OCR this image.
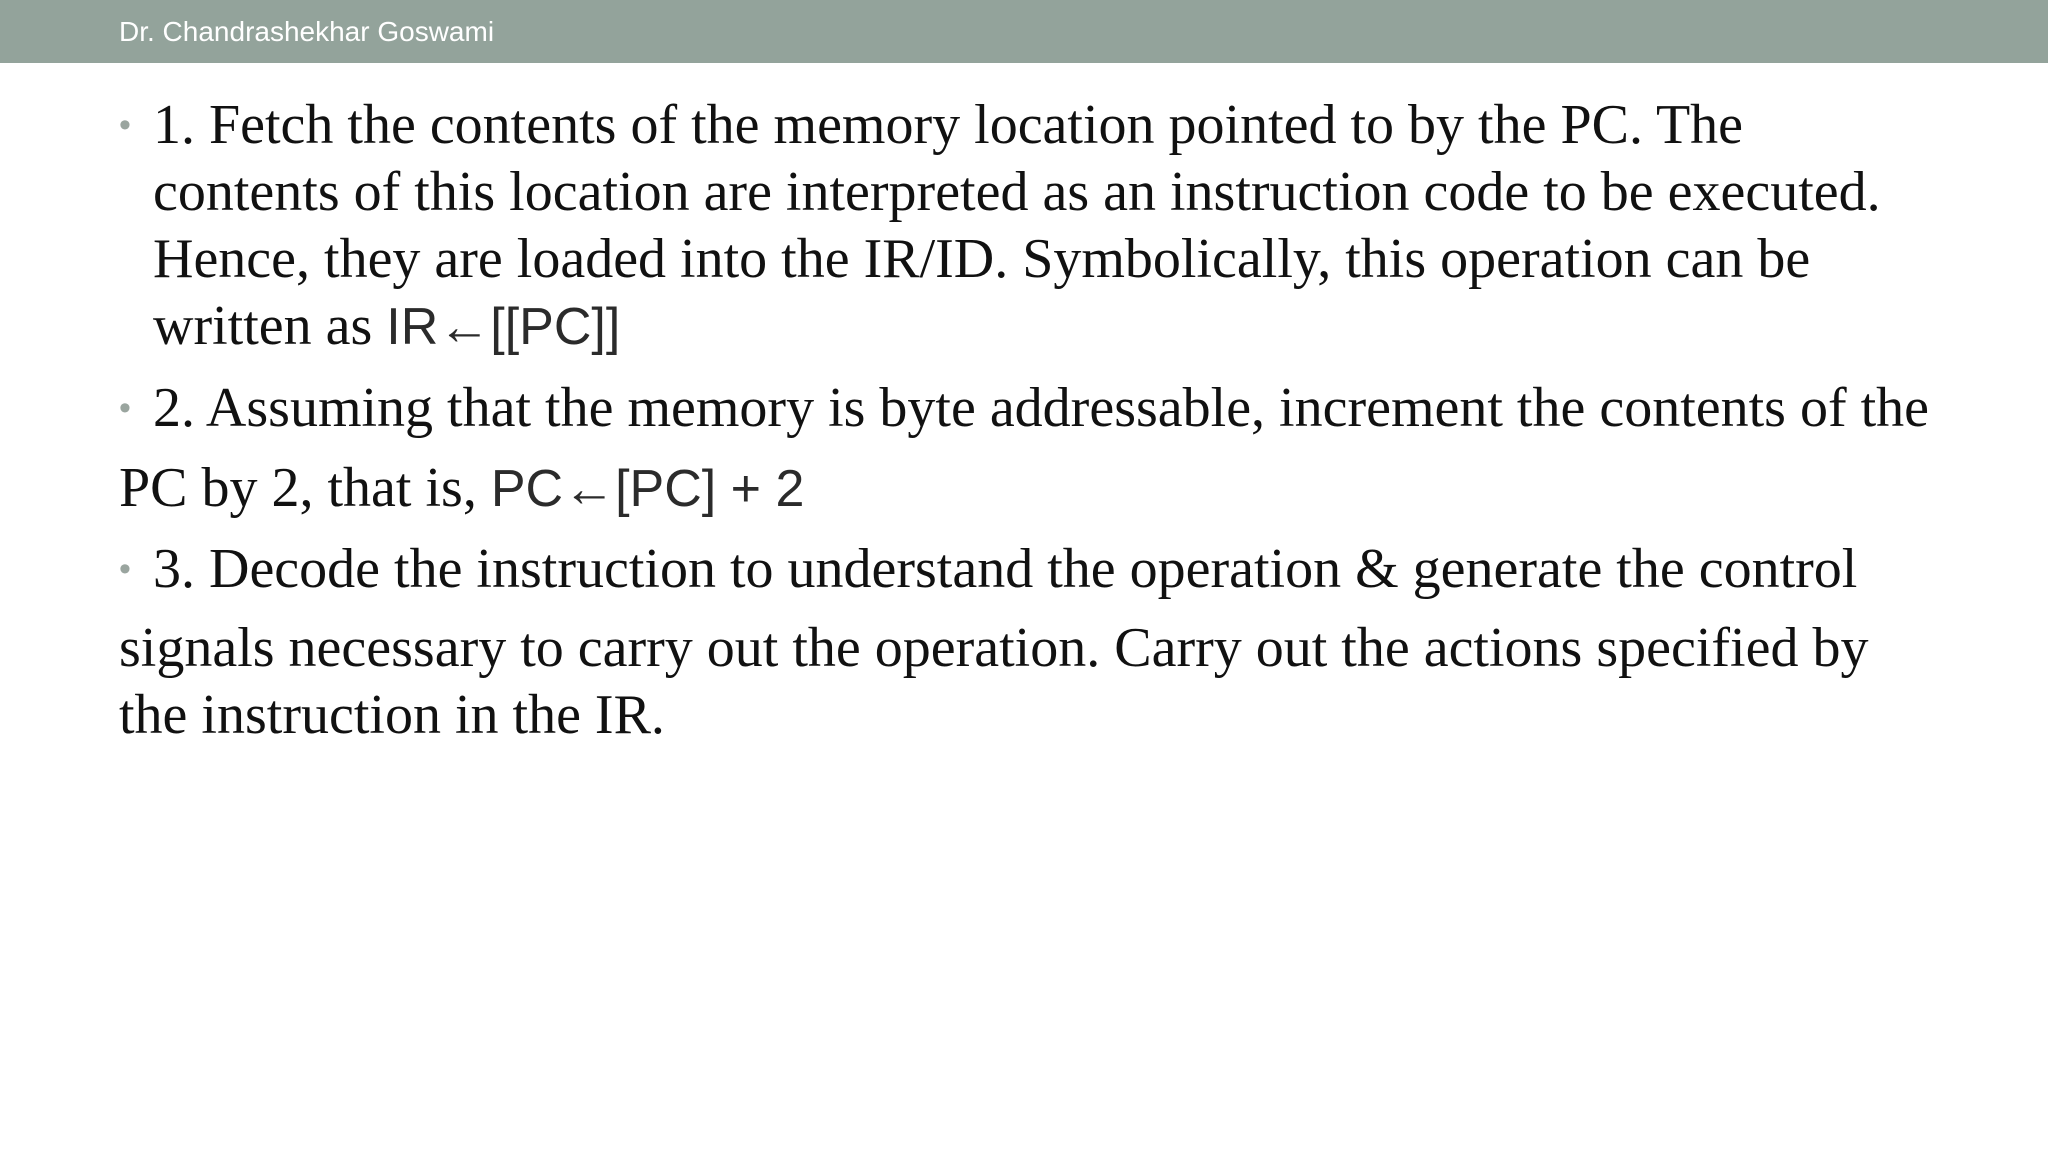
Dr. Chandrashekhar Goswami
• 1. Fetch the contents of the memory location pointed to by the PC. The contents of this location are interpreted as an instruction code to be executed. Hence, they are loaded into the IR/ID. Symbolically, this operation can be written as IR←[[PC]]
• 2. Assuming that the memory is byte addressable, increment the contents of the
PC by 2, that is, PC←[PC] + 2
• 3. Decode the instruction to understand the operation & generate the control
signals necessary to carry out the operation. Carry out the actions specified by the instruction in the IR.
